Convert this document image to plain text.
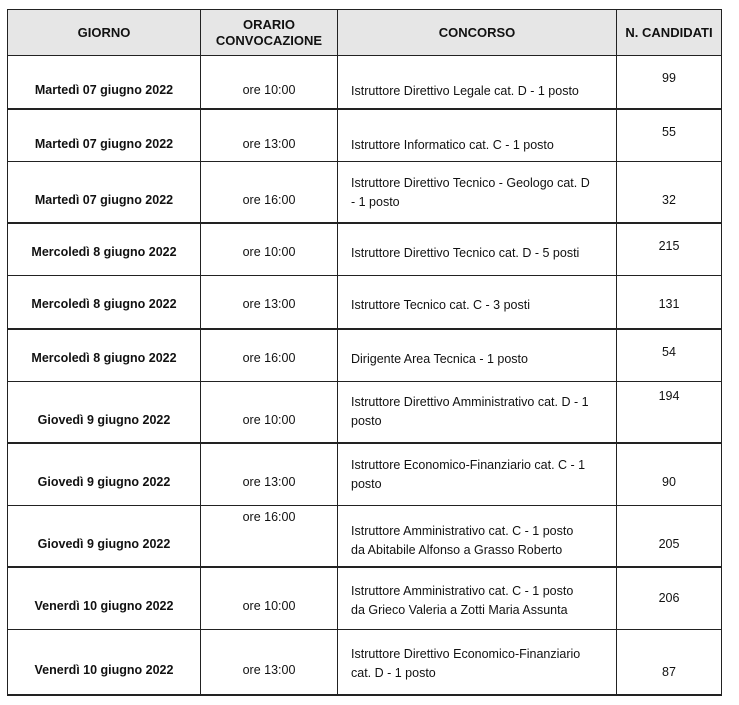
GIORNO	ORARIO
CONVOCAZIONE	CONCORSO	N. CANDIDATI

Martedì 07 giugno 2022	ore 10:00	Istruttore Direttivo Legale cat. D - 1 posto	99

Martedì 07 giugno 2022	ore 13:00	Istruttore Informatico cat. C - 1 posto	55

Martedì 07 giugno 2022	ore 16:00	Istruttore Direttivo Tecnico - Geologo cat. D
- 1 posto	32

Mercoledì 8 giugno 2022	ore 10:00	Istruttore Direttivo Tecnico cat. D - 5 posti	215

Mercoledì 8 giugno 2022	ore 13:00	Istruttore Tecnico cat. C - 3 posti	131

Mercoledì 8 giugno 2022	ore 16:00	Dirigente Area Tecnica - 1 posto	54

Giovedì 9 giugno 2022	ore 10:00	Istruttore Direttivo Amministrativo cat. D - 1
posto	194

Giovedì 9 giugno 2022	ore 13:00	Istruttore Economico-Finanziario cat. C - 1
posto	90

Giovedì 9 giugno 2022	ore 16:00	Istruttore Amministrativo cat. C - 1 posto
da Abitabile Alfonso a Grasso Roberto	205

Venerdì 10 giugno 2022	ore 10:00	Istruttore Amministrativo cat. C - 1 posto
da Grieco Valeria a Zotti Maria Assunta	206

Venerdì 10 giugno 2022	ore 13:00	Istruttore Direttivo Economico-Finanziario
cat. D - 1 posto	87
